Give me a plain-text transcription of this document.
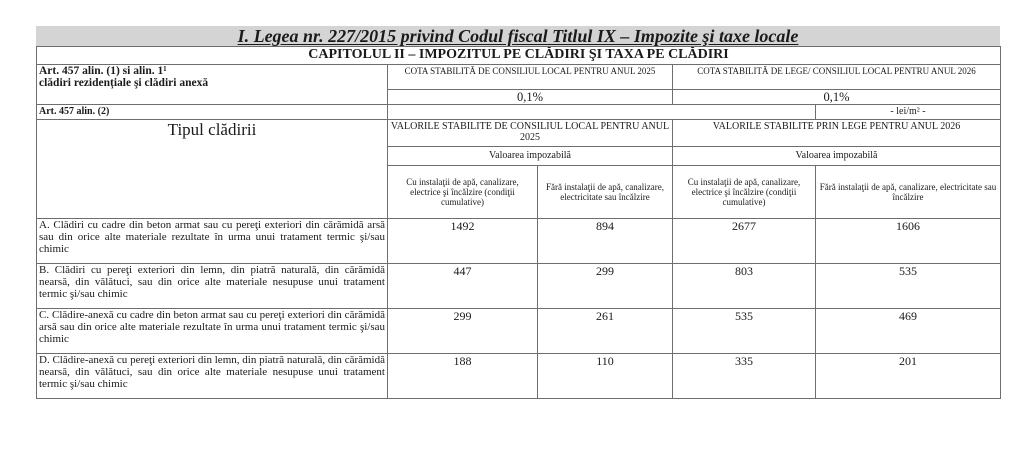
I. Legea nr. 227/2015 privind Codul fiscal Titlul IX – Impozite şi taxe locale
CAPITOLUL II – IMPOZITUL PE CLĂDIRI ŞI TAXA PE CLĂDIRI				

Art. 457 alin. (1) si alin. 1¹
clădiri rezidențiale şi clădiri anexă	COTA STABILITĂ DE CONSILIUL LOCAL PENTRU ANUL 2025		COTA STABILITĂ DE LEGE/ CONSILIUL LOCAL PENTRU ANUL 2026	
	0,1%		0,1%	
Art. 457 alin. (2)				- lei/m² -
Tipul clădirii	VALORILE STABILITE DE CONSILIUL LOCAL PENTRU ANUL 2025		VALORILE STABILITE PRIN LEGE PENTRU ANUL 2026	
	Valoarea impozabilă		Valoarea impozabilă	
	Cu instalaţii de apă, canalizare, electrice şi încălzire (condiţii cumulative)	Fără instalaţii de apă, canalizare, electricitate sau încălzire	Cu instalaţii de apă, canalizare, electrice şi încălzire (condiţii cumulative)	Fără instalaţii de apă, canalizare, electricitate sau încălzire
A. Clădiri cu cadre din beton armat sau cu pereţi exteriori din cărămidă arsă sau din orice alte materiale rezultate în urma unui tratament termic şi/sau chimic	1492	894	2677	1606
B. Clădiri cu pereţi exteriori din lemn, din piatră naturală, din cărămidă nearsă, din vălătuci, sau din orice alte materiale nesupuse unui tratament termic şi/sau chimic	447	299	803	535
C. Clădire-anexă cu cadre din beton armat sau cu pereţi exteriori din cărămidă arsă sau din orice alte materiale rezultate în urma unui tratament termic şi/sau chimic	299	261	535	469
D. Clădire-anexă cu pereţi exteriori din lemn, din piatră naturală, din cărămidă nearsă, din vălătuci, sau din orice alte materiale nesupuse unui tratament termic şi/sau chimic	188	110	335	201
